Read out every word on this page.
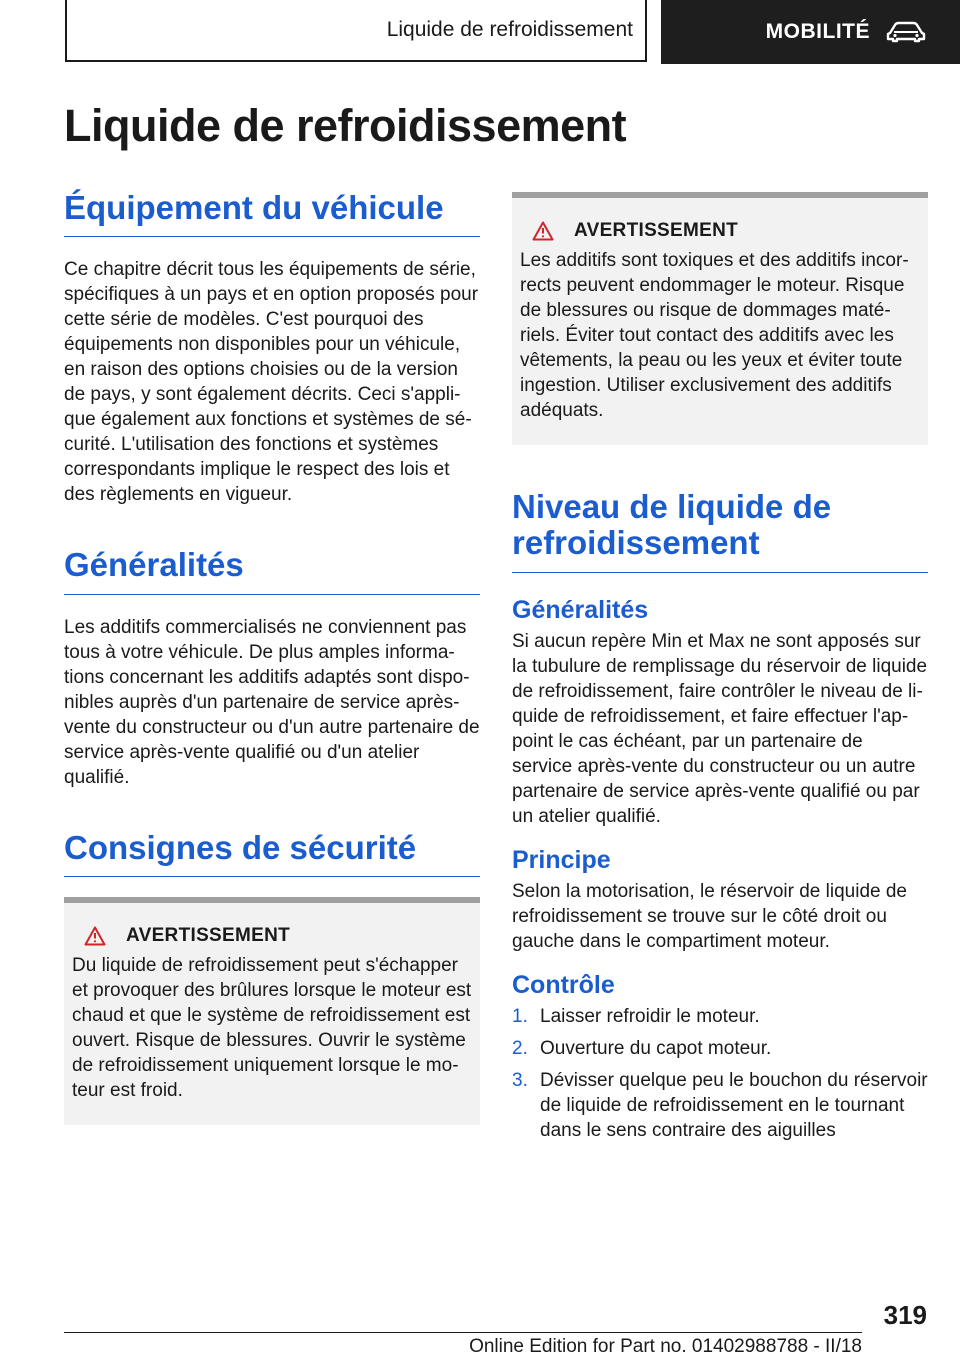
Liquide de refroidissement	MOBILITÉ
Liquide de refroidissement
Équipement du véhicule

Ce chapitre décrit tous les équipements de série, spécifiques à un pays et en option proposés pour cette série de modèles. C'est pourquoi des équipements non disponibles pour un véhicule, en raison des options choisies ou de la version de pays, y sont également décrits. Ceci s'applique également aux fonctions et systèmes de sécurité. L'utilisation des fonctions et systèmes correspondants implique le respect des lois et des règlements en vigueur.

Généralités

Les additifs commercialisés ne conviennent pas tous à votre véhicule. De plus amples informations concernant les additifs adaptés sont disponibles auprès d'un partenaire de service après-vente du constructeur ou d'un autre partenaire de service après-vente qualifié ou d'un atelier qualifié.

Consignes de sécurité
AVERTISSEMENT

Du liquide de refroidissement peut s'échapper et provoquer des brûlures lorsque le moteur est chaud et que le système de refroidissement est ouvert. Risque de blessures. Ouvrir le système de refroidissement uniquement lorsque le moteur est froid.

AVERTISSEMENT

Les additifs sont toxiques et des additifs incorrects peuvent endommager le moteur. Risque de blessures ou risque de dommages matériels. Éviter tout contact des additifs avec les vêtements, la peau ou les yeux et éviter toute ingestion. Utiliser exclusivement des additifs adéquats.

Niveau de liquide de refroidissement
Généralités

Si aucun repère Min et Max ne sont apposés sur la tubulure de remplissage du réservoir de liquide de refroidissement, faire contrôler le niveau de liquide de refroidissement, et faire effectuer l'appoint le cas échéant, par un partenaire de service après-vente du constructeur ou un autre partenaire de service après-vente qualifié ou par un atelier qualifié.

Principe

Selon la motorisation, le réservoir de liquide de refroidissement se trouve sur le côté droit ou gauche dans le compartiment moteur.

Contrôle
1. Laisser refroidir le moteur.
2. Ouverture du capot moteur.
3. Dévisser quelque peu le bouchon du réservoir de liquide de refroidissement en le tournant dans le sens contraire des aiguilles
319
Online Edition for Part no. 01402988788 - II/18
